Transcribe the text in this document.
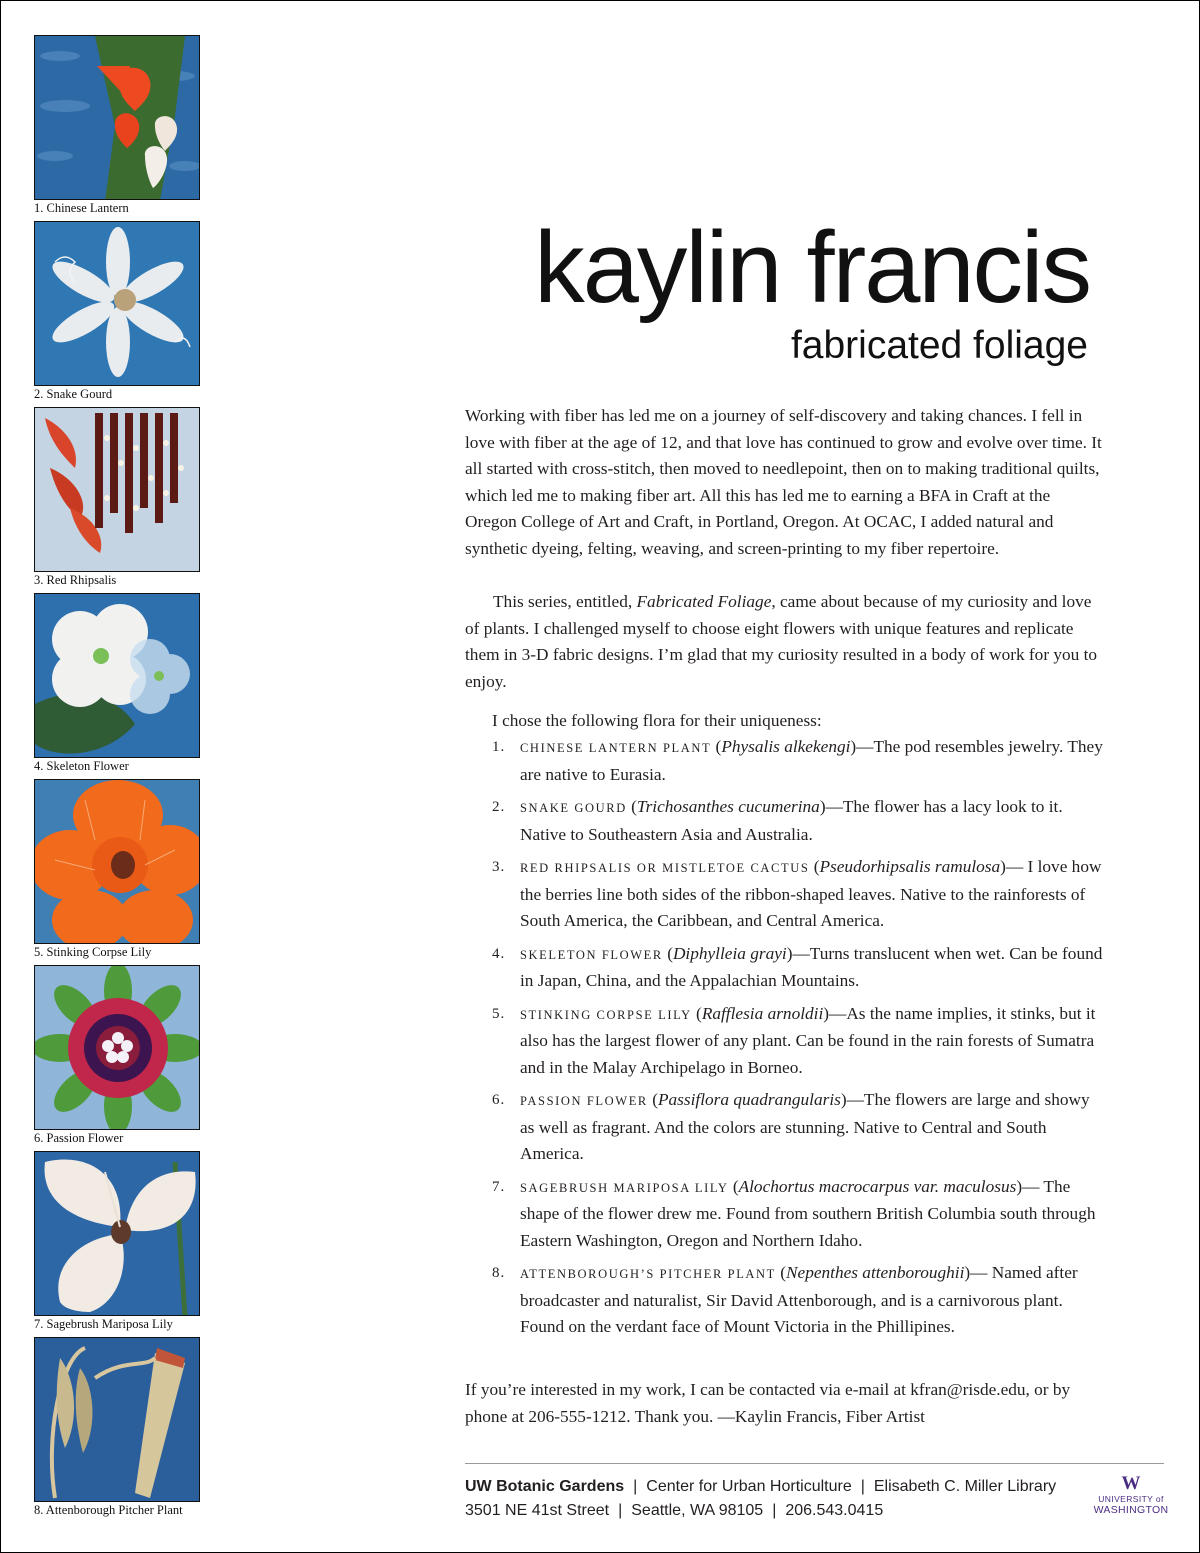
1. Chinese Lantern
2. Snake Gourd
3. Red Rhipsalis
4. Skeleton Flower
5. Stinking Corpse Lily
6. Passion Flower
7. Sagebrush Mariposa Lily
8. Attenborough Pitcher Plant
kaylin francis
fabricated foliage

Working with fiber has led me on a journey of self-discovery and taking chances. I fell in love with fiber at the age of 12, and that love has continued to grow and evolve over time. It all started with cross-stitch, then moved to needlepoint, then on to making traditional quilts, which led me to making fiber art. All this has led me to earning a BFA in Craft at the Oregon College of Art and Craft, in Portland, Oregon. At OCAC, I added natural and synthetic dyeing, felting, weaving, and screen-printing to my fiber repertoire.

This series, entitled, Fabricated Foliage, came about because of my curiosity and love of plants. I challenged myself to choose eight flowers with unique features and replicate them in 3-D fabric designs. I’m glad that my curiosity resulted in a body of work for you to enjoy.

I chose the following flora for their uniqueness:
1. CHINESE LANTERN PLANT (Physalis alkekengi)—The pod resembles jewelry. They are native to Eurasia.
2. SNAKE GOURD (Trichosanthes cucumerina)—The flower has a lacy look to it. Native to Southeastern Asia and Australia.
3. RED RHIPSALIS OR MISTLETOE CACTUS (Pseudorhipsalis ramulosa)— I love how the berries line both sides of the ribbon-shaped leaves. Native to the rainforests of South America, the Caribbean, and Central America.
4. SKELETON FLOWER (Diphylleia grayi)—Turns translucent when wet. Can be found in Japan, China, and the Appalachian Mountains.
5. STINKING CORPSE LILY (Rafflesia arnoldii)—As the name implies, it stinks, but it also has the largest flower of any plant. Can be found in the rain forests of Sumatra and in the Malay Archipelago in Borneo.
6. PASSION FLOWER (Passiflora quadrangularis)—The flowers are large and showy as well as fragrant. And the colors are stunning. Native to Central and South America.
7. SAGEBRUSH MARIPOSA LILY (Alochortus macrocarpus var. maculosus)— The shape of the flower drew me. Found from southern British Columbia south through Eastern Washington, Oregon and Northern Idaho.
8. ATTENBOROUGH’S PITCHER PLANT (Nepenthes attenboroughii)— Named after broadcaster and naturalist, Sir David Attenborough, and is a carnivorous plant. Found on the verdant face of Mount Victoria in the Phillipines.

If you’re interested in my work, I can be contacted via e-mail at kfran@risde.edu, or by phone at 206-555-1212. Thank you. —Kaylin Francis, Fiber Artist

UW Botanic Gardens | Center for Urban Horticulture | Elisabeth C. Miller Library
3501 NE 41st Street | Seattle, WA 98105 | 206.543.0415
W
UNIVERSITY of
WASHINGTON
